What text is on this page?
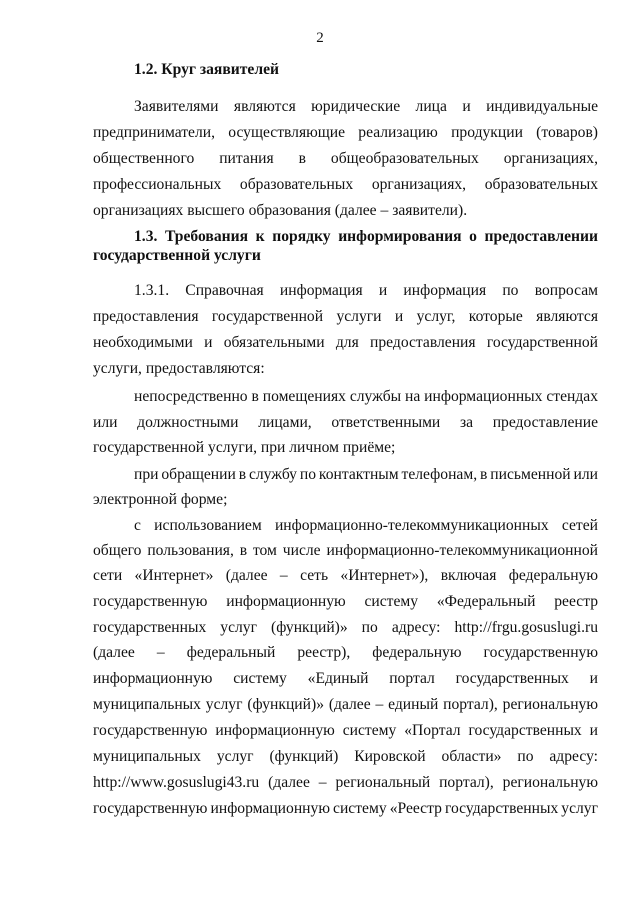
2
1.2. Круг заявителей
Заявителями являются юридические лица и индивидуальные
предприниматели, осуществляющие реализацию продукции (товаров)
общественного питания в общеобразовательных организациях,
профессиональных образовательных организациях, образовательных
организациях высшего образования (далее – заявители).
1.3. Требования к порядку информирования о предоставлении
государственной услуги
1.3.1. Справочная информация и информация по вопросам
предоставления государственной услуги и услуг, которые являются
необходимыми и обязательными для предоставления государственной
услуги, предоставляются:
непосредственно в помещениях службы на информационных стендах
или должностными лицами, ответственными за предоставление
государственной услуги, при личном приёме;
при обращении в службу по контактным телефонам, в письменной или
электронной форме;
с использованием информационно-телекоммуникационных сетей
общего пользования, в том числе информационно-телекоммуникационной
сети «Интернет» (далее – сеть «Интернет»), включая федеральную
государственную информационную систему «Федеральный реестр
государственных услуг (функций)» по адресу: http://frgu.gosuslugi.ru
(далее – федеральный реестр), федеральную государственную
информационную систему «Единый портал государственных и
муниципальных услуг (функций)» (далее – единый портал), региональную
государственную информационную систему «Портал государственных и
муниципальных услуг (функций) Кировской области» по адресу:
http://www.gosuslugi43.ru (далее – региональный портал), региональную
государственную информационную систему «Реестр государственных услуг
